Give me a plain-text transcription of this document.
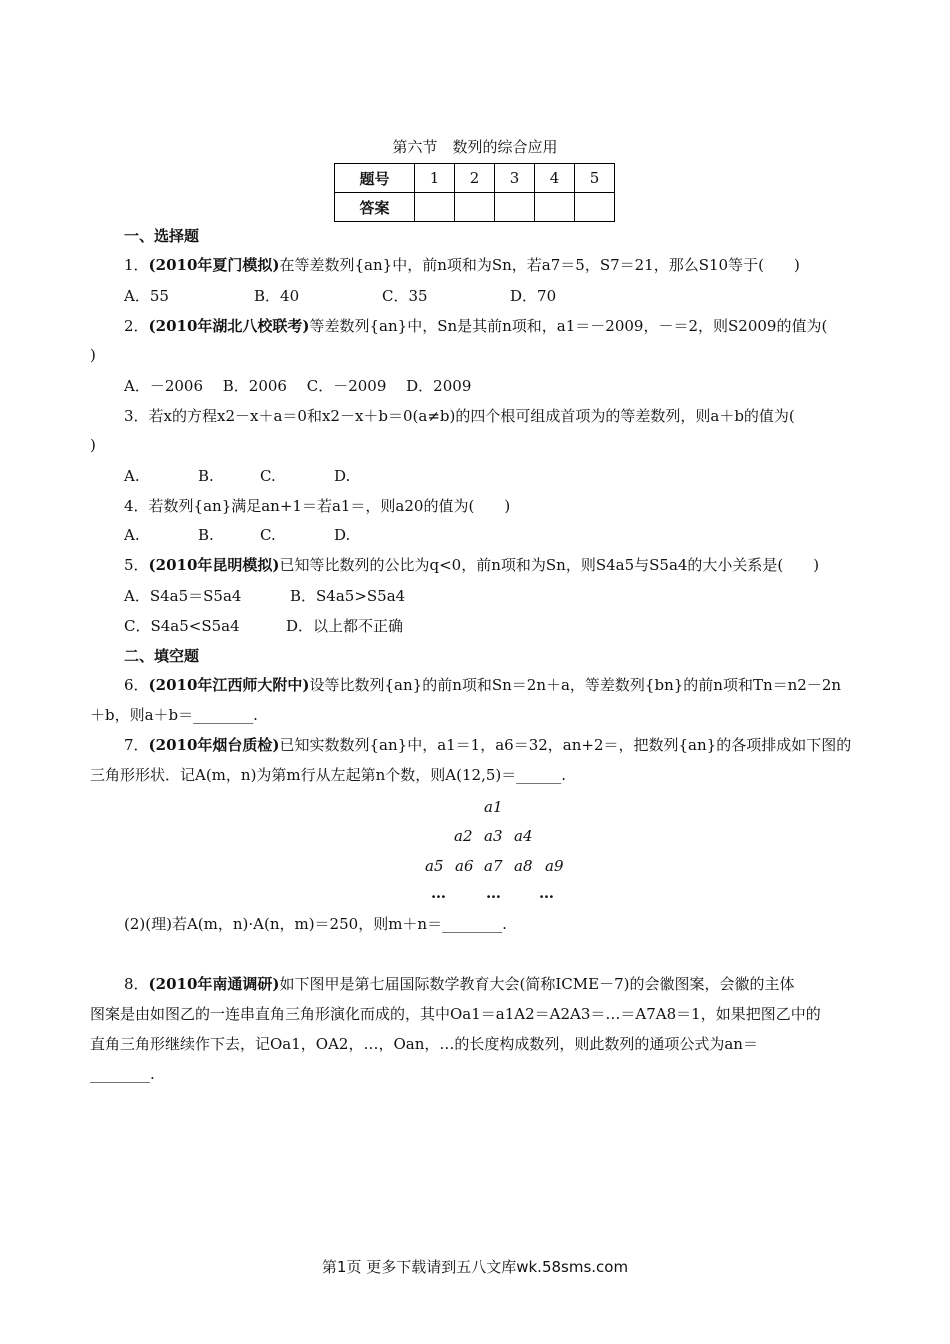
第六节　数列的综合应用
题号	1	2	3	4	5
答案					
一、选择题
1．(2010年夏门模拟)在等差数列{an}中，前n项和为Sn，若a7＝5，S7＝21，那么S10等于(　　)
A．55	B．40	C．35	D．70
2．(2010年湖北八校联考)等差数列{an}中，Sn是其前n项和，a1＝－2009，－＝2，则S2009的值为(
)
A．－2006　 B．2006　 C．－2009　 D．2009
3．若x的方程x2－x＋a＝0和x2－x＋b＝0(a≠b)的四个根可组成首项为的等差数列，则a＋b的值为(
)
A.	B.	C.	D.
4．若数列{an}满足an+1＝若a1＝，则a20的值为(　　)
A.	B.	C.	D.
5．(2010年昆明模拟)已知等比数列的公比为q<0，前n项和为Sn，则S4a5与S5a4的大小关系是(　　)
A．S4a5＝S5a4	B．S4a5>S5a4
C．S4a5<S5a4	D．以上都不正确
二、填空题
6．(2010年江西师大附中)设等比数列{an}的前n项和Sn＝2n＋a，等差数列{bn}的前n项和Tn＝n2－2n
＋b，则a＋b＝________.
7．(2010年烟台质检)已知实数数列{an}中，a1＝1，a6＝32，an+2＝，把数列{an}的各项排成如下图的
三角形形状．记A(m，n)为第m行从左起第n个数，则A(12,5)＝______.
a1
a2 a3 a4
a5 a6 a7 a8 a9
…	…	…
(2)(理)若A(m，n)·A(n，m)＝250，则m＋n＝________.
8．(2010年南通调研)如下图甲是第七届国际数学教育大会(简称ICME－7)的会徽图案，会徽的主体
图案是由如图乙的一连串直角三角形演化而成的，其中Oa1＝a1A2＝A2A3＝…＝A7A8＝1，如果把图乙中的
直角三角形继续作下去，记Oa1，OA2，…，Oan，…的长度构成数列，则此数列的通项公式为an＝
________.
第1页 更多下载请到五八文库wk.58sms.com
